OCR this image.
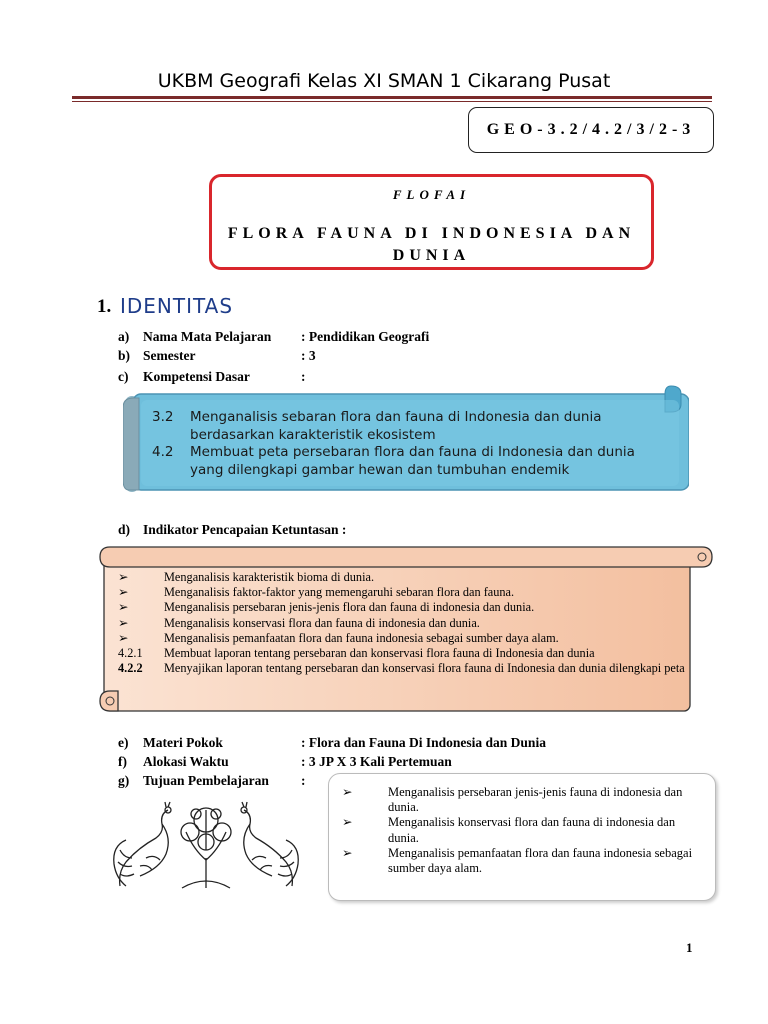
UKBM Geografi Kelas XI SMAN 1 Cikarang Pusat
GEO-3.2/4.2/3/2-3
FLOFAI
FLORA FAUNA DI INDONESIA DAN DUNIA
1. IDENTITAS
a) Nama Mata Pelajaran : Pendidikan Geografi
b) Semester	: 3
c) Kompetensi Dasar	:
3.2 Menganalisis sebaran flora dan fauna di Indonesia dan dunia
berdasarkan karakteristik ekosistem
4.2 Membuat peta persebaran flora dan fauna di Indonesia dan dunia
yang dilengkapi gambar hewan dan tumbuhan endemik
d) Indikator Pencapaian Ketuntasan :
➢	Menganalisis karakteristik bioma di dunia.
➢	Menganalisis faktor-faktor yang memengaruhi sebaran flora dan fauna.
➢	Menganalisis persebaran jenis-jenis flora dan fauna di indonesia dan dunia.
➢	Menganalisis konservasi flora dan fauna di indonesia dan dunia.
➢	Menganalisis pemanfaatan flora dan fauna indonesia sebagai sumber daya alam.
4.2.1	Membuat laporan tentang persebaran dan konservasi flora fauna di Indonesia dan dunia
4.2.2	Menyajikan laporan tentang persebaran dan konservasi flora fauna di Indonesia dan dunia dilengkapi peta
e) Materi Pokok	: Flora dan Fauna Di Indonesia dan Dunia
f)Alokasi Waktu	: 3 JP X 3 Kali Pertemuan
g) Tujuan Pembelajaran :
➢	Menganalisis persebaran jenis-jenis fauna di indonesia dan dunia.
➢	Menganalisis konservasi flora dan fauna di indonesia dan dunia.
➢	Menganalisis pemanfaatan flora dan fauna indonesia sebagai sumber daya alam.
1
